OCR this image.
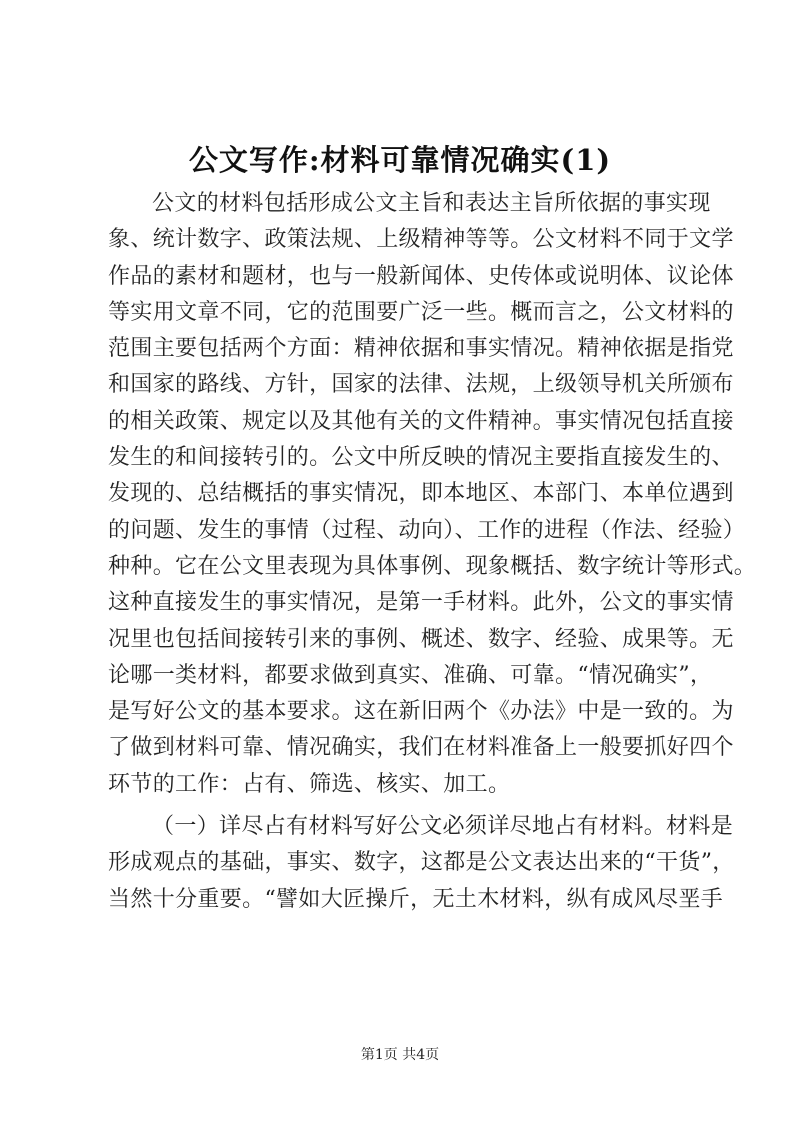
公文写作:材料可靠情况确实(1)
公文的材料包括形成公文主旨和表达主旨所依据的事实现
象、统计数字、政策法规、上级精神等等。公文材料不同于文学
作品的素材和题材，也与一般新闻体、史传体或说明体、议论体
等实用文章不同，它的范围要广泛一些。概而言之，公文材料的
范围主要包括两个方面：精神依据和事实情况。精神依据是指党
和国家的路线、方针，国家的法律、法规，上级领导机关所颁布
的相关政策、规定以及其他有关的文件精神。事实情况包括直接
发生的和间接转引的。公文中所反映的情况主要指直接发生的、
发现的、总结概括的事实情况，即本地区、本部门、本单位遇到
的问题、发生的事情（过程、动向）、工作的进程（作法、经验）
种种。它在公文里表现为具体事例、现象概括、数字统计等形式。
这种直接发生的事实情况，是第一手材料。此外，公文的事实情
况里也包括间接转引来的事例、概述、数字、经验、成果等。无
论哪一类材料，都要求做到真实、准确、可靠。“情况确实”，
是写好公文的基本要求。这在新旧两个《办法》中是一致的。为
了做到材料可靠、情况确实，我们在材料准备上一般要抓好四个
环节的工作：占有、筛选、核实、加工。
（一）详尽占有材料写好公文必须详尽地占有材料。材料是
形成观点的基础，事实、数字，这都是公文表达出来的“干货”，
当然十分重要。“譬如大匠操斤，无土木材料，纵有成风尽垩手
第1页 共4页
